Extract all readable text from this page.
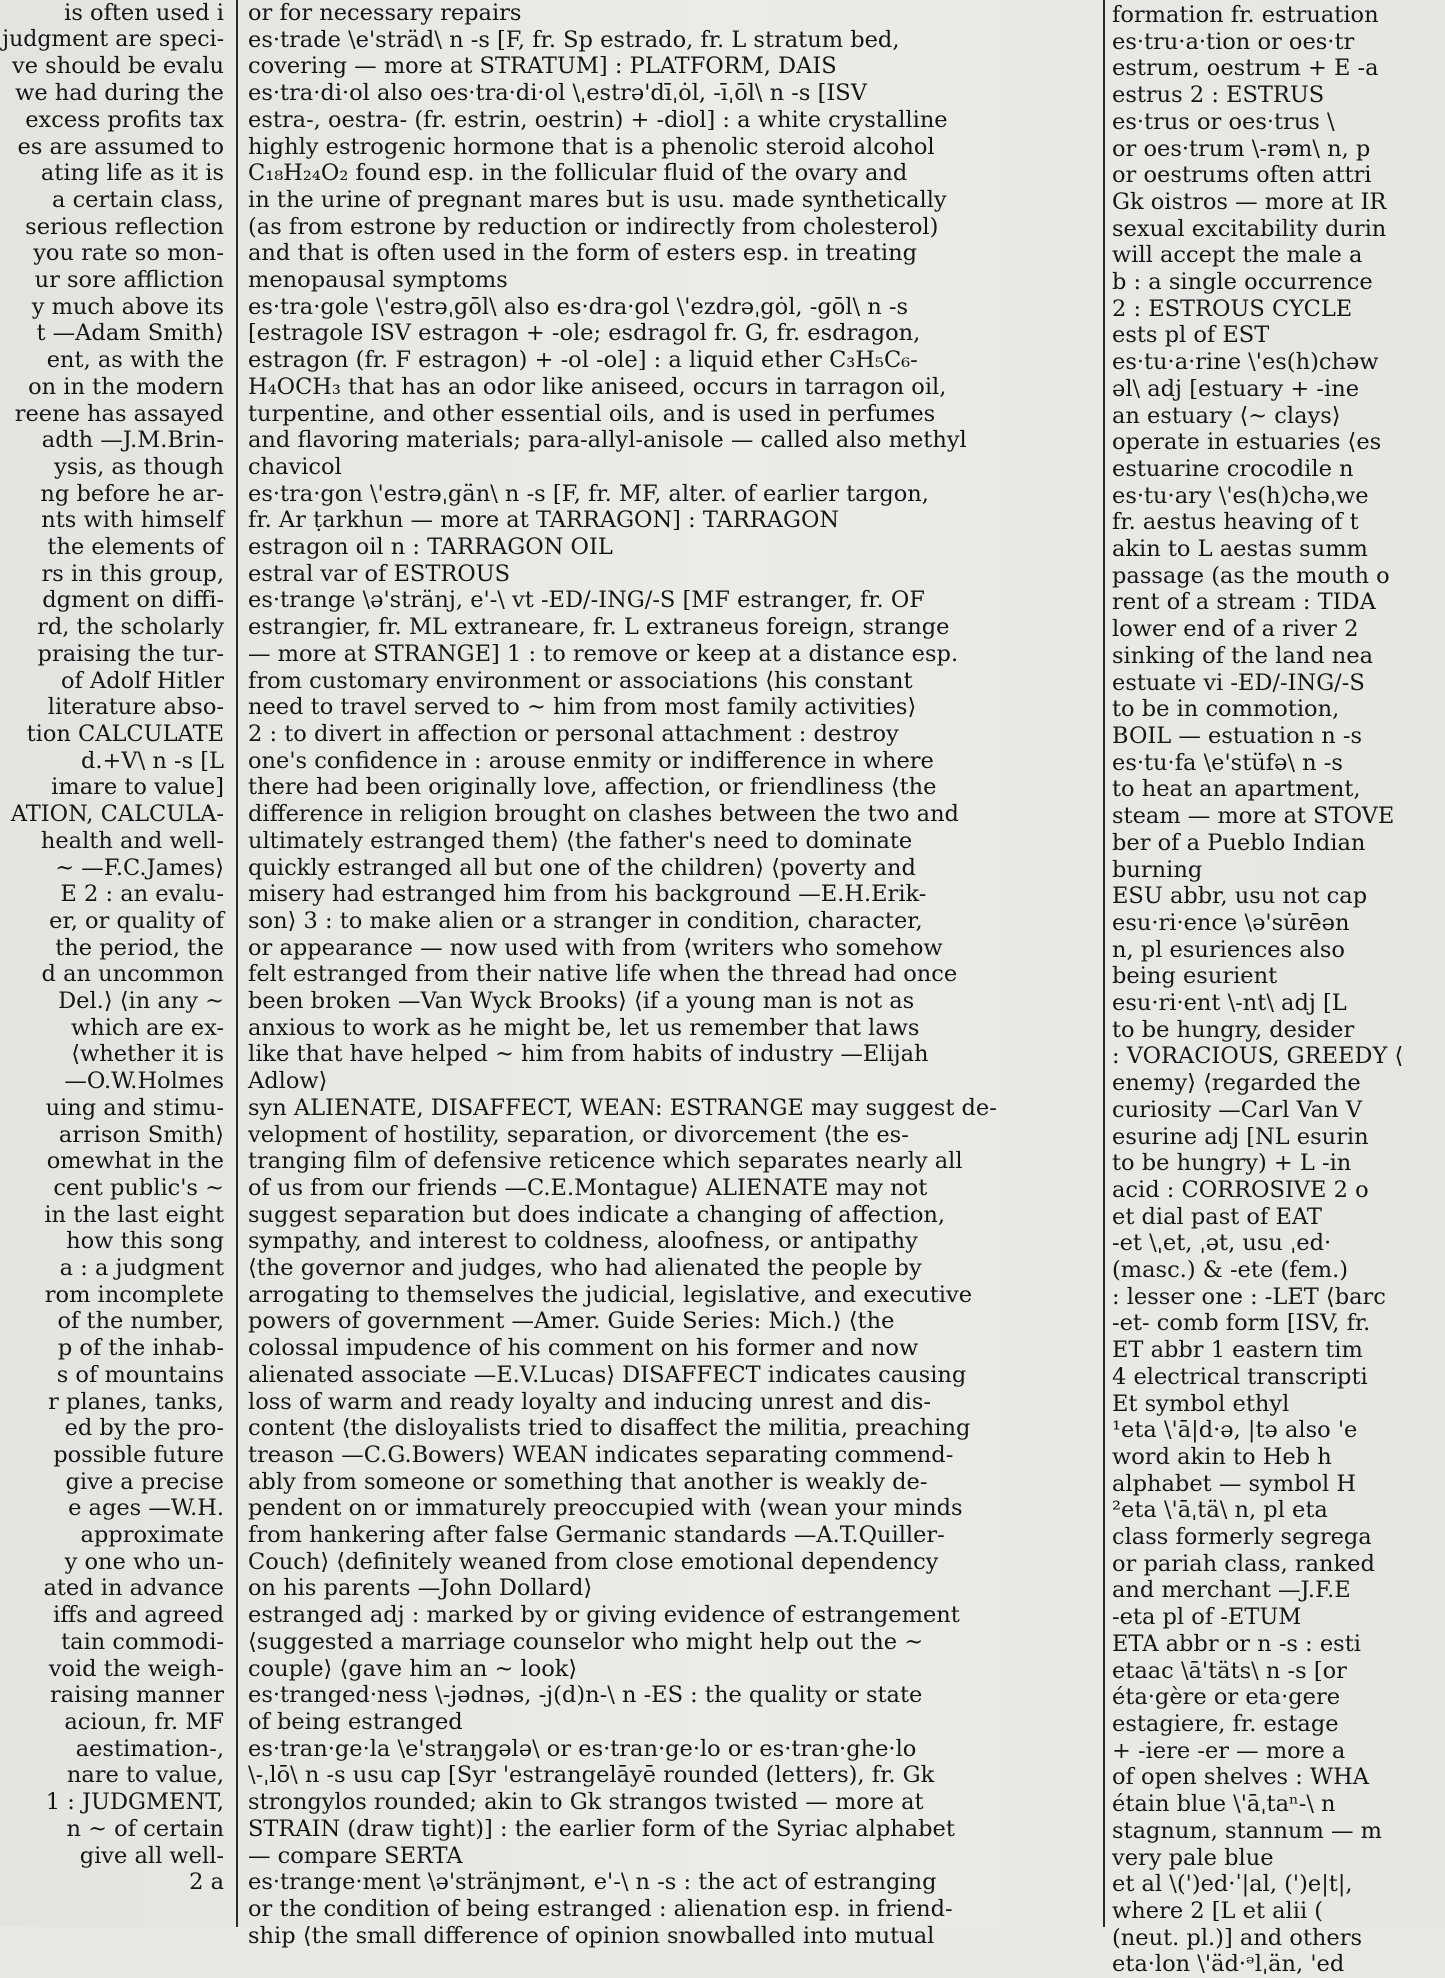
is often used i

judgment are speci-

ve should be evalu

we had during the

excess profits tax

es are assumed to

ating life as it is

a certain class,

serious reflection

you rate so mon-

ur sore affliction

y much above its

t —Adam Smith⟩

ent, as with the

on in the modern

reene has assayed

adth —J.M.Brin-

ysis, as though

ng before he ar-

nts with himself

the elements of

rs in this group,

dgment on diffi-

rd, the scholarly

praising the tur-

of Adolf Hitler

literature abso-

tion CALCULATE

d.+V\ n -s [L

imare to value]

ATION, CALCULA-

health and well-

~ —F.C.James⟩

E 2 : an evalu-

er, or quality of

the period, the

d an uncommon

Del.⟩ ⟨in any ~

which are ex-

⟨whether it is

—O.W.Holmes

uing and stimu-

arrison Smith⟩

omewhat in the

cent public's ~

in the last eight

how this song

a : a judgment

rom incomplete

of the number,

p of the inhab-

s of mountains

r planes, tanks,

ed by the pro-

possible future

give a precise

e ages —W.H.

approximate

y one who un-

ated in advance

iffs and agreed

tain commodi-

void the weigh-

raising manner

acioun, fr. MF

aestimation-,

nare to value,

1 : JUDGMENT,

n ~ of certain

give all well-

2 a

or for necessary repairs

es·trade \e'sträd\ n -s [F, fr. Sp estrado, fr. L stratum bed,

covering — more at STRATUM] : PLATFORM, DAIS

es·tra·di·ol also oes·tra·di·ol \ˌestrə'dīˌȯl, -īˌōl\ n -s [ISV

estra-, oestra- (fr. estrin, oestrin) + -diol] : a white crystalline

highly estrogenic hormone that is a phenolic steroid alcohol

C₁₈H₂₄O₂ found esp. in the follicular fluid of the ovary and

in the urine of pregnant mares but is usu. made synthetically

(as from estrone by reduction or indirectly from cholesterol)

and that is often used in the form of esters esp. in treating

menopausal symptoms

es·tra·gole \'estrəˌgōl\ also es·dra·gol \'ezdrəˌgȯl, -gōl\ n -s

[estragole ISV estragon + -ole; esdragol fr. G, fr. esdragon,

estragon (fr. F estragon) + -ol -ole] : a liquid ether C₃H₅C₆-

H₄OCH₃ that has an odor like aniseed, occurs in tarragon oil,

turpentine, and other essential oils, and is used in perfumes

and flavoring materials; para-allyl-anisole — called also methyl

chavicol

es·tra·gon \'estrəˌgän\ n -s [F, fr. MF, alter. of earlier targon,

fr. Ar ṭarkhun — more at TARRAGON] : TARRAGON

estragon oil n : TARRAGON OIL

estral var of ESTROUS

es·trange \ə'stränj, e'-\ vt -ED/-ING/-S [MF estranger, fr. OF

estrangier, fr. ML extraneare, fr. L extraneus foreign, strange

— more at STRANGE] 1 : to remove or keep at a distance esp.

from customary environment or associations ⟨his constant

need to travel served to ~ him from most family activities⟩

2 : to divert in affection or personal attachment : destroy

one's confidence in : arouse enmity or indifference in where

there had been originally love, affection, or friendliness ⟨the

difference in religion brought on clashes between the two and

ultimately estranged them⟩ ⟨the father's need to dominate

quickly estranged all but one of the children⟩ ⟨poverty and

misery had estranged him from his background —E.H.Erik-

son⟩ 3 : to make alien or a stranger in condition, character,

or appearance — now used with from ⟨writers who somehow

felt estranged from their native life when the thread had once

been broken —Van Wyck Brooks⟩ ⟨if a young man is not as

anxious to work as he might be, let us remember that laws

like that have helped ~ him from habits of industry —Elijah

Adlow⟩

syn ALIENATE, DISAFFECT, WEAN: ESTRANGE may suggest de-

velopment of hostility, separation, or divorcement ⟨the es-

tranging film of defensive reticence which separates nearly all

of us from our friends —C.E.Montague⟩ ALIENATE may not

suggest separation but does indicate a changing of affection,

sympathy, and interest to coldness, aloofness, or antipathy

⟨the governor and judges, who had alienated the people by

arrogating to themselves the judicial, legislative, and executive

powers of government —Amer. Guide Series: Mich.⟩ ⟨the

colossal impudence of his comment on his former and now

alienated associate —E.V.Lucas⟩ DISAFFECT indicates causing

loss of warm and ready loyalty and inducing unrest and dis-

content ⟨the disloyalists tried to disaffect the militia, preaching

treason —C.G.Bowers⟩ WEAN indicates separating commend-

ably from someone or something that another is weakly de-

pendent on or immaturely preoccupied with ⟨wean your minds

from hankering after false Germanic standards —A.T.Quiller-

Couch⟩ ⟨definitely weaned from close emotional dependency

on his parents —John Dollard⟩

estranged adj : marked by or giving evidence of estrangement

⟨suggested a marriage counselor who might help out the ~

couple⟩ ⟨gave him an ~ look⟩

es·tranged·ness \-jədnəs, -j(d)n-\ n -ES : the quality or state

of being estranged

es·tran·ge·la \e'straŋgələ\ or es·tran·ge·lo or es·tran·ghe·lo

\-ˌlō\ n -s usu cap [Syr 'estrangelāyē rounded (letters), fr. Gk

strongylos rounded; akin to Gk strangos twisted — more at

STRAIN (draw tight)] : the earlier form of the Syriac alphabet

— compare SERTA

es·trange·ment \ə'stränjmənt, e'-\ n -s : the act of estranging

or the condition of being estranged : alienation esp. in friend-

ship ⟨the small difference of opinion snowballed into mutual

formation fr. estruation

es·tru·a·tion or oes·tr

estrum, oestrum + E -a

estrus 2 : ESTRUS

es·trus or oes·trus \

or oes·trum \-rəm\ n, p

or oestrums often attri

Gk oistros — more at IR

sexual excitability durin

will accept the male a

b : a single occurrence

2 : ESTROUS CYCLE

ests pl of EST

es·tu·a·rine \'es(h)chəw

əl\ adj [estuary + -ine

an estuary ⟨~ clays⟩

operate in estuaries ⟨es

estuarine crocodile n

es·tu·ary \'es(h)chəˌwe

fr. aestus heaving of t

akin to L aestas summ

passage (as the mouth o

rent of a stream : TIDA

lower end of a river 2

sinking of the land nea

estuate vi -ED/-ING/-S

to be in commotion,

BOIL — estuation n -s

es·tu·fa \e'stüfə\ n -s

to heat an apartment,

steam — more at STOVE

ber of a Pueblo Indian

burning

ESU abbr, usu not cap

esu·ri·ence \ə'su̇rēən

n, pl esuriences also

being esurient

esu·ri·ent \-nt\ adj [L

to be hungry, desider

: VORACIOUS, GREEDY ⟨

enemy⟩ ⟨regarded the

curiosity —Carl Van V

esurine adj [NL esurin

to be hungry) + L -in

acid : CORROSIVE 2 o

et dial past of EAT

-et \ˌet, ˌət, usu ˌed·

(masc.) & -ete (fem.)

: lesser one : -LET ⟨barc

-et- comb form [ISV, fr.

ET abbr 1 eastern tim

4 electrical transcripti

Et symbol ethyl

¹eta \'ā|d·ə, |tə also 'e

word akin to Heb h

alphabet — symbol H

²eta \'āˌtä\ n, pl eta

class formerly segrega

or pariah class, ranked

and merchant —J.F.E

-eta pl of -ETUM

ETA abbr or n -s : esti

etaac \ā'täts\ n -s [or

éta·gère or eta·gere

estagiere, fr. estage

+ -iere -er — more a

of open shelves : WHA

étain blue \'āˌtaⁿ-\ n

stagnum, stannum — m

very pale blue

et al \(')ed·ˈ|al, (')e|t|,

where 2 [L et alii (

(neut. pl.)] and others

eta·lon \'äd·ᵊlˌän, 'ed
